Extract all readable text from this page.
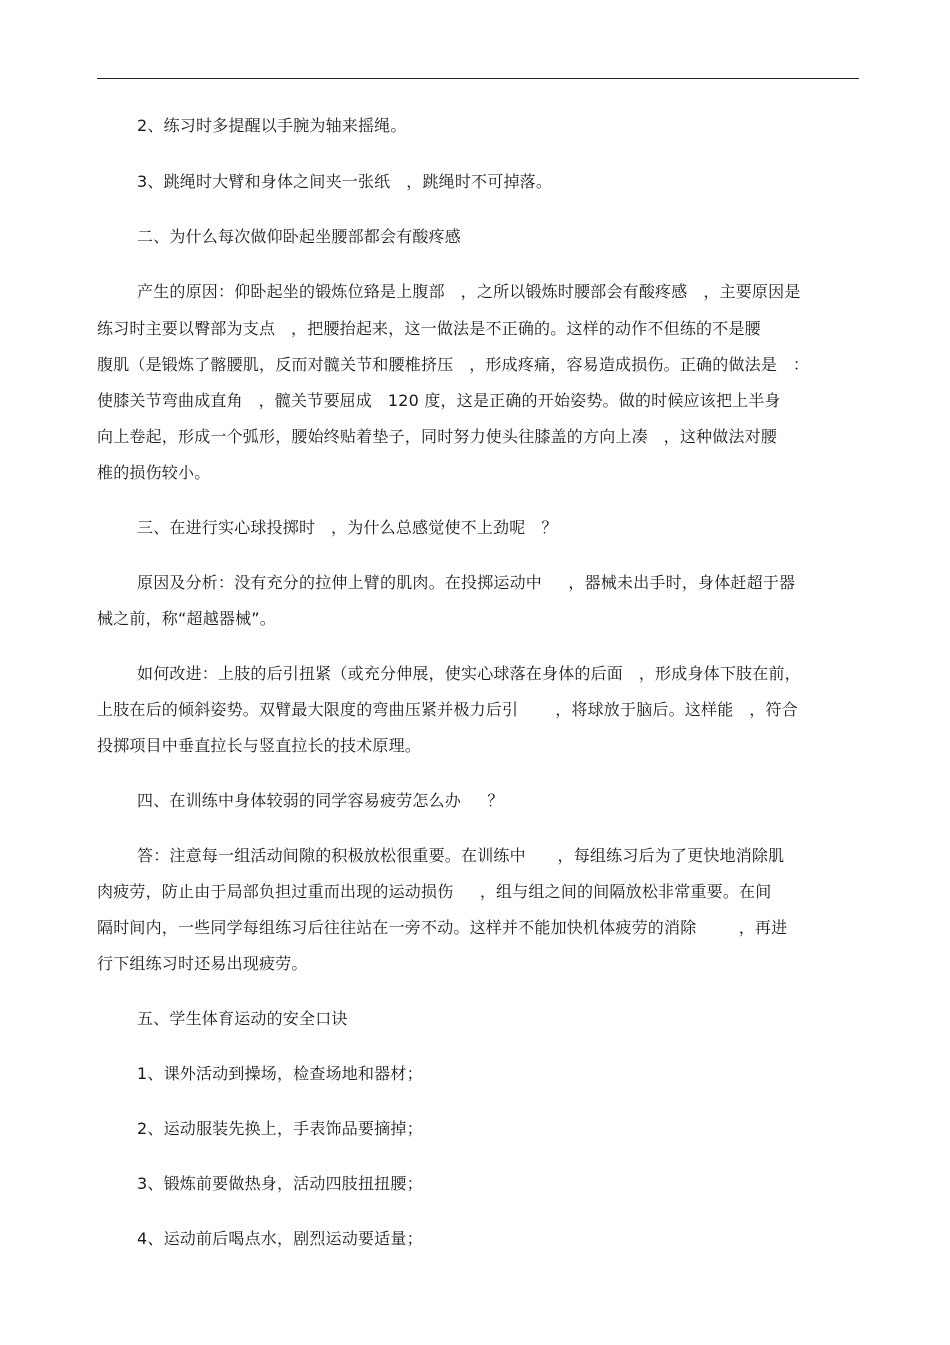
2、练习时多提醒以手腕为轴来摇绳。
3、跳绳时大臂和身体之间夹一张纸   ，跳绳时不可掉落。
二、为什么每次做仰卧起坐腰部都会有酸疼感
产生的原因：仰卧起坐的锻炼位臵是上腹部   ，之所以锻炼时腰部会有酸疼感   ，主要原因是
练习时主要以臀部为支点   ，把腰抬起来，这一做法是不正确的。这样的动作不但练的不是腰
腹肌（是锻炼了髂腰肌，反而对髋关节和腰椎挤压   ，形成疼痛，容易造成损伤。正确的做法是   ：
使膝关节弯曲成直角   ，髋关节要屈成   120 度，这是正确的开始姿势。做的时候应该把上半身
向上卷起，形成一个弧形，腰始终贴着垫子，同时努力使头往膝盖的方向上凑   ，这种做法对腰
椎的损伤较小。
三、在进行实心球投掷时   ，为什么总感觉使不上劲呢   ？
原因及分析：没有充分的拉伸上臂的肌肉。在投掷运动中     ，器械未出手时，身体赶超于器
械之前，称“超越器械”。
如何改进：上肢的后引扭紧（或充分伸展，使实心球落在身体的后面   ，形成身体下肢在前，
上肢在后的倾斜姿势。双臂最大限度的弯曲压紧并极力后引       ，将球放于脑后。这样能   ，符合
投掷项目中垂直拉长与竖直拉长的技术原理。
四、在训练中身体较弱的同学容易疲劳怎么办     ？
答：注意每一组活动间隙的积极放松很重要。在训练中      ，每组练习后为了更快地消除肌
肉疲劳，防止由于局部负担过重而出现的运动损伤     ，组与组之间的间隔放松非常重要。在间
隔时间内，一些同学每组练习后往往站在一旁不动。这样并不能加快机体疲劳的消除        ，再进
行下组练习时还易出现疲劳。
五、学生体育运动的安全口诀
1、课外活动到操场，检查场地和器材；
2、运动服装先换上，手表饰品要摘掉；
3、锻炼前要做热身，活动四肢扭扭腰；
4、运动前后喝点水，剧烈运动要适量；
